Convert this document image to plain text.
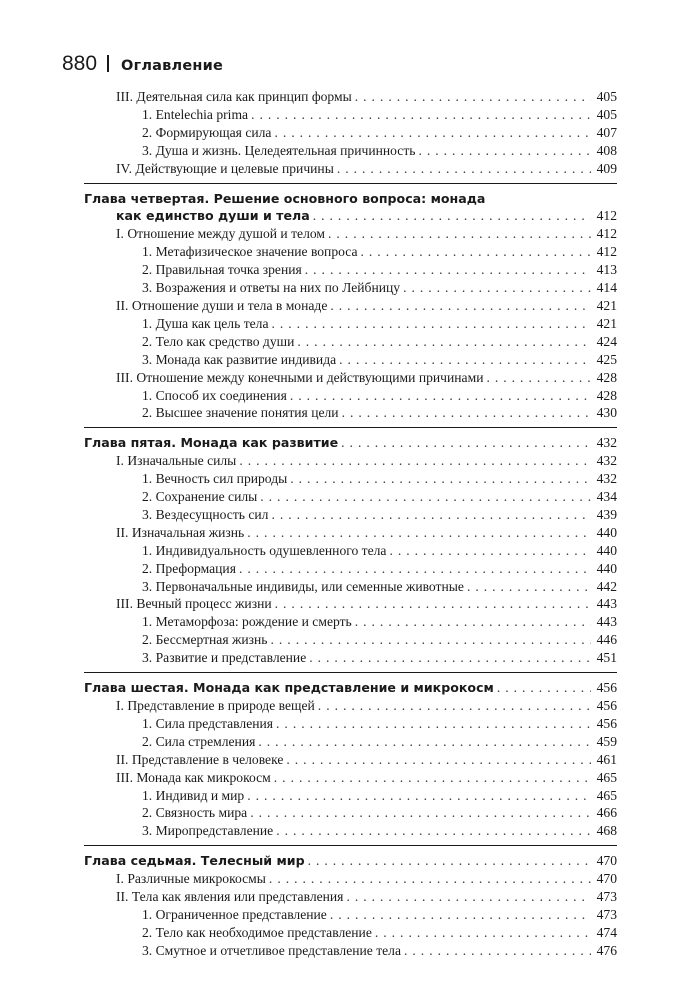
880 Оглавление
III. Деятельная сила как принцип формы . . .	405
1. Entelechia prima . . .	405
2. Формирующая сила . . .	407
3. Душа и жизнь. Целедеятельная причинность . . .	408
IV. Действующие и целевые причины . . .	409
Глава четвертая. Решение основного вопроса: монада
как единство души и тела . . .	412
I. Отношение между душой и телом . . .	412
1. Метафизическое значение вопроса . . .	412
2. Правильная точка зрения . . .	413
3. Возражения и ответы на них по Лейбницу . . .	414
II. Отношение души и тела в монаде . . .	421
1. Душа как цель тела . . .	421
2. Тело как средство души . . .	424
3. Монада как развитие индивида . . .	425
III. Отношение между конечными и действующими причинами . . .	428
1. Способ их соединения . . .	428
2. Высшее значение понятия цели . . .	430
Глава пятая. Монада как развитие . . .	432
I. Изначальные силы . . .	432
1. Вечность сил природы . . .	432
2. Сохранение силы . . .	434
3. Вездесущность сил . . .	439
II. Изначальная жизнь . . .	440
1. Индивидуальность одушевленного тела . . .	440
2. Преформация . . .	440
3. Первоначальные индивиды, или семенные животные . . .	442
III. Вечный процесс жизни . . .	443
1. Метаморфоза: рождение и смерть . . .	443
2. Бессмертная жизнь . . .	446
3. Развитие и представление . . .	451
Глава шестая. Монада как представление и микрокосм . . .	456
I. Представление в природе вещей . . .	456
1. Сила представления . . .	456
2. Сила стремления . . .	459
II. Представление в человеке . . .	461
III. Монада как микрокосм . . .	465
1. Индивид и мир . . .	465
2. Связность мира . . .	466
3. Миропредставление . . .	468
Глава седьмая. Телесный мир . . .	470
I. Различные микрокосмы . . .	470
II. Тела как явления или представления . . .	473
1. Ограниченное представление . . .	473
2. Тело как необходимое представление . . .	474
3. Смутное и отчетливое представление тела . . .	476
